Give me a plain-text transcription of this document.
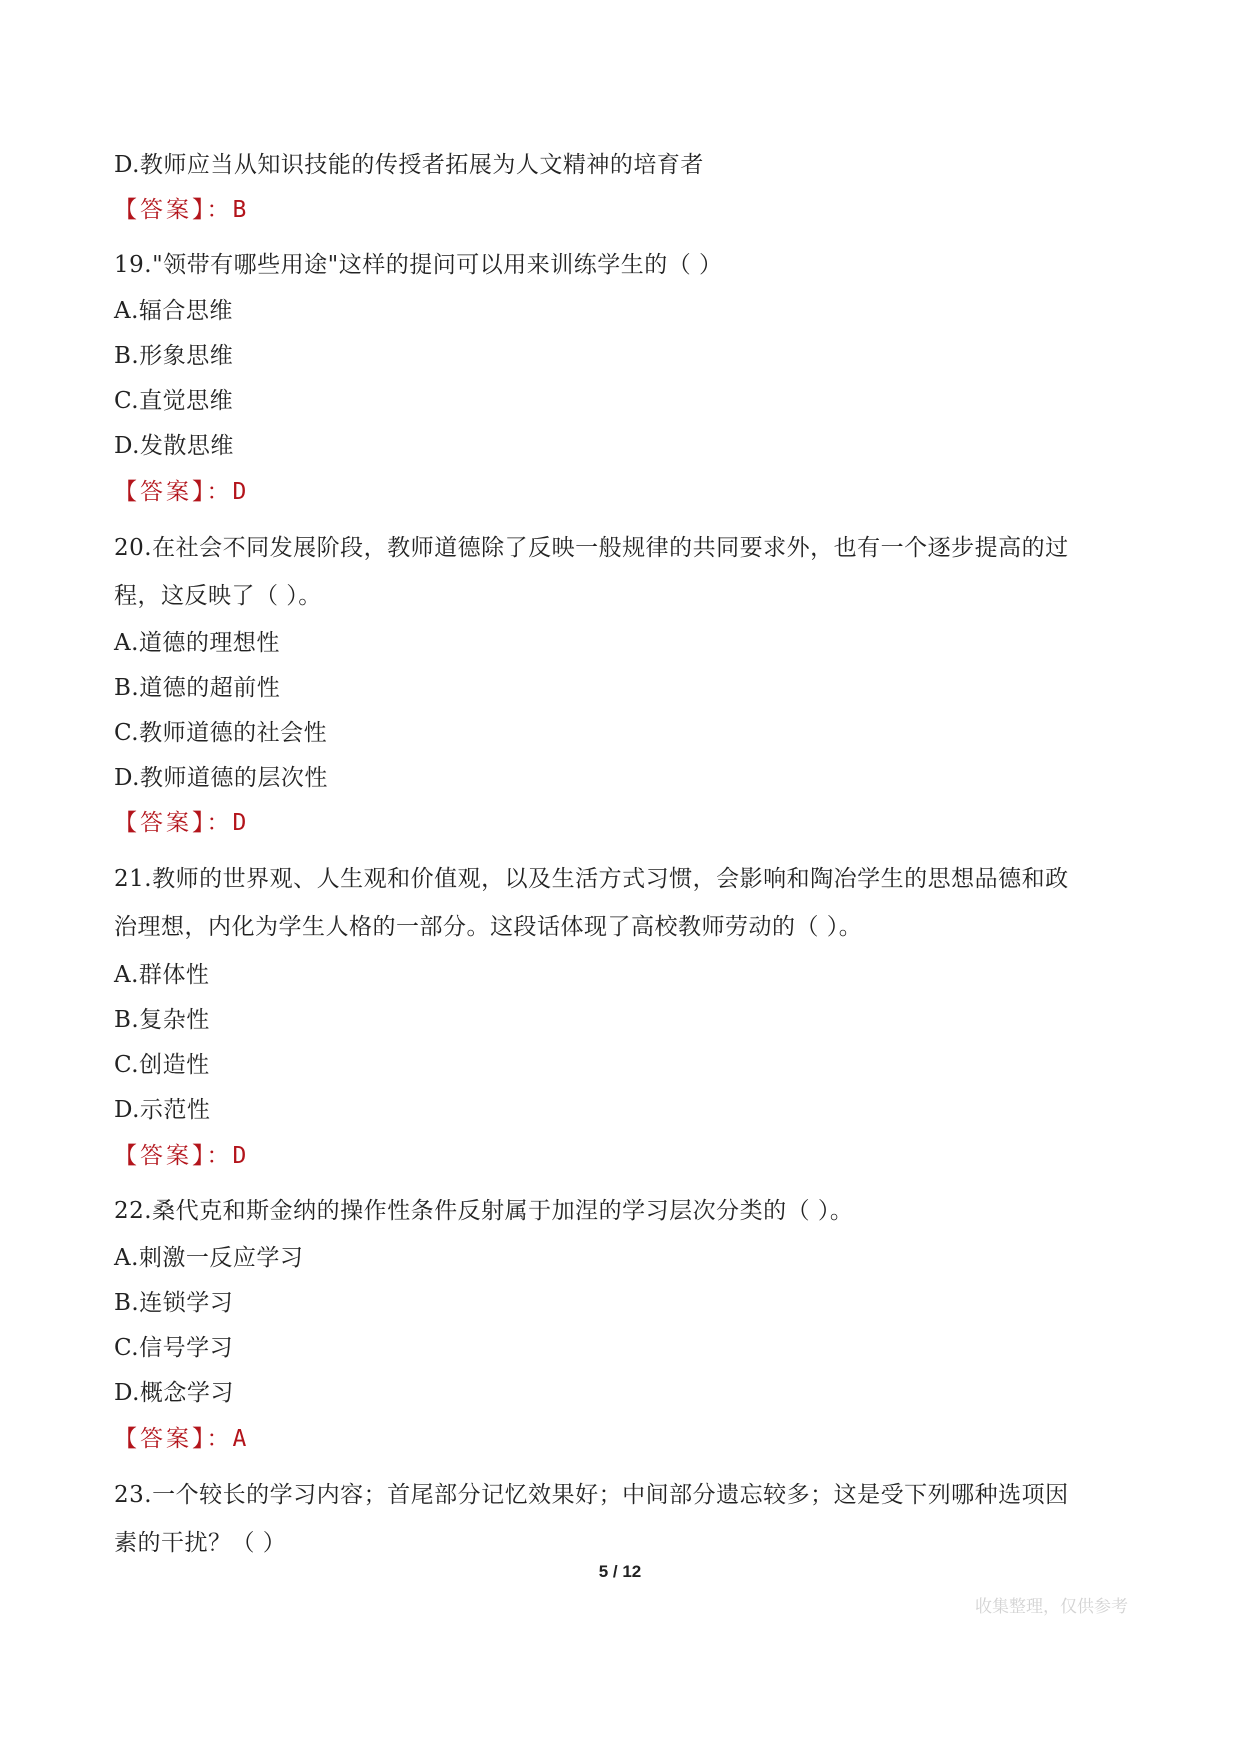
D.教师应当从知识技能的传授者拓展为人文精神的培育者
【答案】：B
19."领带有哪些用途"这样的提问可以用来训练学生的（ ）
A.辐合思维
B.形象思维
C.直觉思维
D.发散思维
【答案】：D
20.在社会不同发展阶段，教师道德除了反映一般规律的共同要求外，也有一个逐步提高的过
程，这反映了（ ）。
A.道德的理想性
B.道德的超前性
C.教师道德的社会性
D.教师道德的层次性
【答案】：D
21.教师的世界观、人生观和价值观，以及生活方式习惯，会影响和陶冶学生的思想品德和政
治理想，内化为学生人格的一部分。这段话体现了高校教师劳动的（ ）。
A.群体性
B.复杂性
C.创造性
D.示范性
【答案】：D
22.桑代克和斯金纳的操作性条件反射属于加涅的学习层次分类的（ ）。
A.刺激一反应学习
B.连锁学习
C.信号学习
D.概念学习
【答案】：A
23.一个较长的学习内容；首尾部分记忆效果好；中间部分遗忘较多；这是受下列哪种选项因
素的干扰？（ ）
5 / 12
收集整理，仅供参考
